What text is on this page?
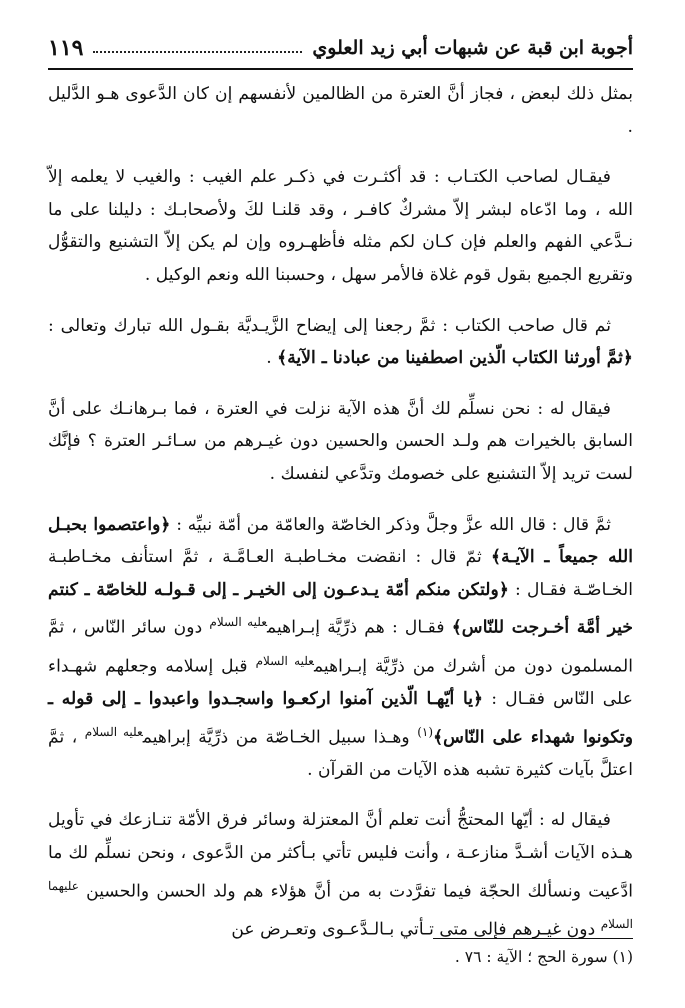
أجوبة ابن قبة عن شبهات أبي زيد العلوي
١١٩

بمثل ذلك لبعض ، فجاز أنَّ العترة من الظالمين لأنفسهم إن كان الدَّعوى هـو الدَّليل .

فيقـال لصاحب الكتـاب : قد أكثـرت في ذكـر علم الغيب : والغيب لا يعلمه إلاّ الله ، وما ادّعاه لبشر إلاّ مشركٌ كافـر ، وقد قلنـا لكَ ولأصحابـك : دليلنا على ما نـدَّعي الفهم والعلم فإن كـان لكم مثله فأظهـروه وإن لم يكن إلاّ التشنيع والتقوُّل وتقريع الجميع بقول قوم غلاة فالأمر سهل ، وحسبنا الله ونعم الوكيل .

ثم قال صاحب الكتاب : ثمَّ رجعنا إلى إيضاح الزَّيـديَّة بقـول الله تبارك وتعالى : ﴿ثمَّ أورثنا الكتاب الّذين اصطفينا من عبادنا ـ الآية﴾ .

فيقال له : نحن نسلِّم لك أنَّ هذه الآية نزلت في العترة ، فما بـرهانـك على أنَّ السابق بالخيرات هم ولـد الحسن والحسين دون غيـرهم من سـائـر العترة ؟ فإنَّك لست تريد إلاّ التشنيع على خصومك وتدَّعي لنفسك .

ثمَّ قال : قال الله عزَّ وجلَّ وذكر الخاصّة والعامّة من أمّة نبيِّه : ﴿واعتصموا بحبـل الله جميعاً ـ الآيـة﴾ ثمّ قال : انقضت مخـاطبـة العـامَّـة ، ثمَّ استأنف مخـاطبـة الخـاصّـة فقـال : ﴿ولتكن منكم أمّة يـدعـون إلى الخيـر ـ إلى قـولـه للخاصّة ـ كنتم خير أمَّة أخـرجت للنّاس﴾ فقـال : هم ذرِّيَّة إبـراهيم$^{عليه السلام}$ دون سائر النّاس ، ثمَّ المسلمون دون من أشرك من ذرِّيَّة إبـراهيم$^{عليه السلام}$ قبل إسلامه وجعلهم شهـداء على النّاس فقـال : ﴿يا أيّهـا الّذين آمنوا اركعـوا واسجـدوا واعبدوا ـ إلى قوله ـ وتكونوا شهداء على النّاس﴾$^{(١)}$ وهـذا سبيل الخـاصّة من ذرِّيَّة إبراهيم$^{عليه السلام}$ ، ثمَّ اعتلَّ بآيات كثيرة تشبه هذه الآيات من القرآن .

فيقال له : أيّها المحتجُّ أنت تعلم أنَّ المعتزلة وسائر فرق الأمّة تنـازعك في تأويل هـذه الآيات أشـدَّ منازعـة ، وأنت فليس تأتي بـأكثر من الدَّعوى ، ونحن نسلِّم لك ما ادَّعيت ونسألك الحجّة فيما تفرَّدت به من أنَّ هؤلاء هم ولد الحسن والحسين $^{عليهما السلام}$ دون غيـرهم فإلى متى تـأتي بـالـدَّعـوى وتعـرض عن

(١) سورة الحج ؛ الآية : ٧٦ .
